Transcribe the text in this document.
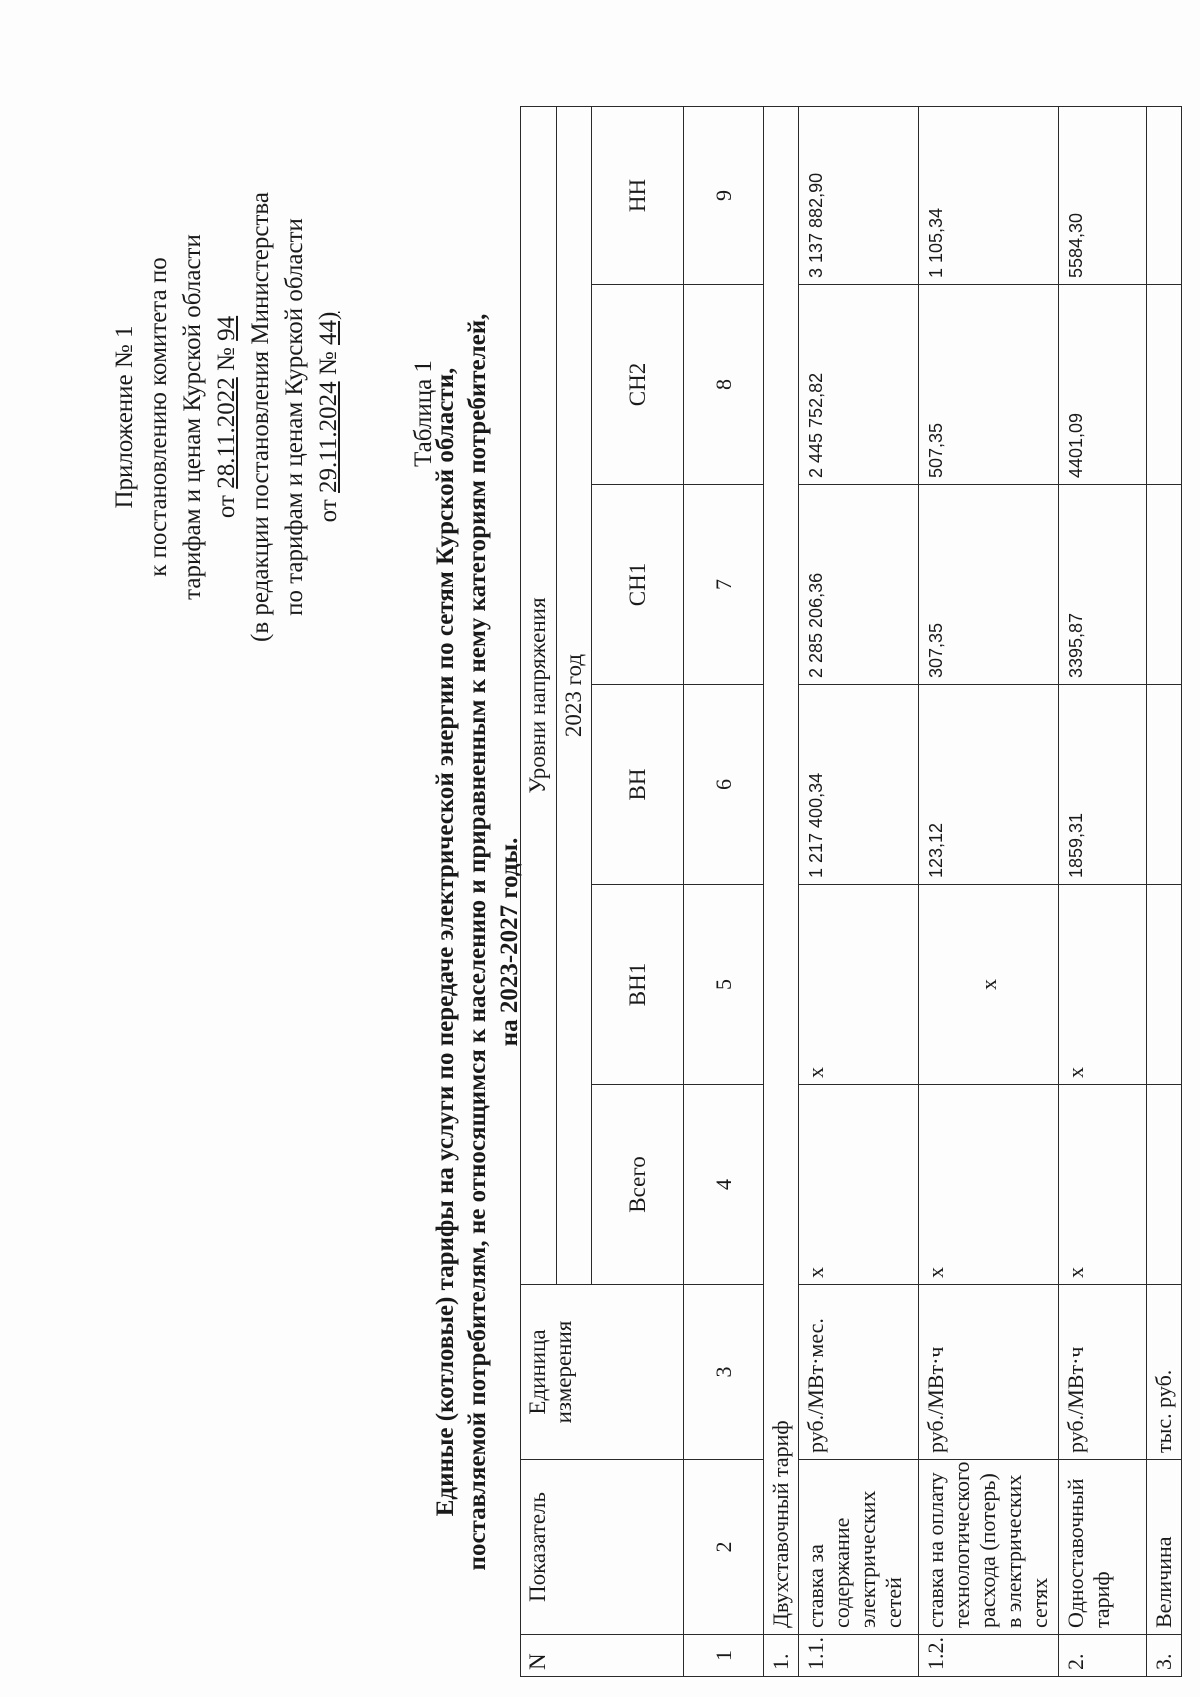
Приложение № 1 к постановлению комитета по тарифам и ценам Курской области от 28.11.2022 № 94 (в редакции постановления Министерства по тарифам и ценам Курской области от 29.11.2024 № 44)
Таблица 1
Единые (котловые) тарифы на услуги по передаче электрической энергии по сетям Курской области, поставляемой потребителям, не относящимся к населению и приравненным к нему категориям потребителей, на 2023-2027 годы.
N	Показатель	Единица измерения	Уровни напряжения					
			2023 год					
			Всего	ВН1	ВН	СН1	СН2	НН
1	2	3	4	5	6	7	8	9
1.	Двухставочный тариф							
1.1.	ставка за содержание электрических сетей	руб./МВт·мес.	х	х	1 217 400,34	2 285 206,36	2 445 752,82	3 137 882,90
1.2.	ставка на оплату технологического расхода (потерь) в электрических сетях	руб./МВт·ч	х	х	123,12	307,35	507,35	1 105,34
2.	Одноставочный тариф	руб./МВт·ч	х	х	1859,31	3395,87	4401,09	5584,30
3.	Величина	тыс. руб.						
